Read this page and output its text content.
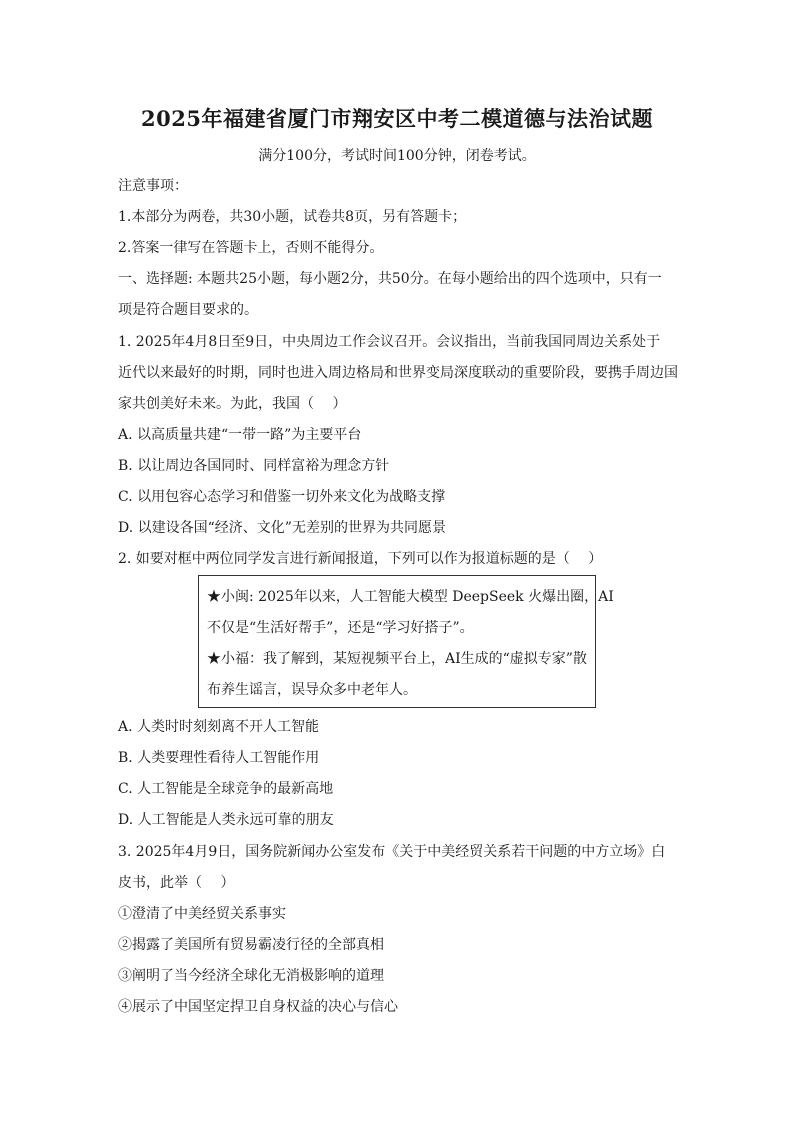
2025年福建省厦门市翔安区中考二模道德与法治试题
满分100分，考试时间100分钟，闭卷考试。
注意事项：
1.本部分为两卷，共30小题，试卷共8页，另有答题卡；
2.答案一律写在答题卡上，否则不能得分。
一、选择题: 本题共25小题，每小题2分，共50分。在每小题给出的四个选项中，只有一
项是符合题目要求的。
1. 2025年4月8日至9日，中央周边工作会议召开。会议指出，当前我国同周边关系处于
近代以来最好的时期，同时也进入周边格局和世界变局深度联动的重要阶段，要携手周边国
家共创美好未来。为此，我国（　 ）
A. 以高质量共建“一带一路”为主要平台
B. 以让周边各国同时、同样富裕为理念方针
C. 以用包容心态学习和借鉴一切外来文化为战略支撑
D. 以建设各国“经济、文化”无差别的世界为共同愿景
2. 如要对框中两位同学发言进行新闻报道，下列可以作为报道标题的是（　 ）
★小闽: 2025年以来，人工智能大模型 DeepSeek 火爆出圈，AI
不仅是“生活好帮手”，还是“学习好搭子”。
★小福：我了解到，某短视频平台上，AI生成的“虚拟专家”散
布养生谣言，误导众多中老年人。
A. 人类时时刻刻离不开人工智能
B. 人类要理性看待人工智能作用
C. 人工智能是全球竞争的最新高地
D. 人工智能是人类永远可靠的朋友
3. 2025年4月9日，国务院新闻办公室发布《关于中美经贸关系若干问题的中方立场》白
皮书，此举（　 ）
①澄清了中美经贸关系事实
②揭露了美国所有贸易霸凌行径的全部真相
③阐明了当今经济全球化无消极影响的道理
④展示了中国坚定捍卫自身权益的决心与信心
